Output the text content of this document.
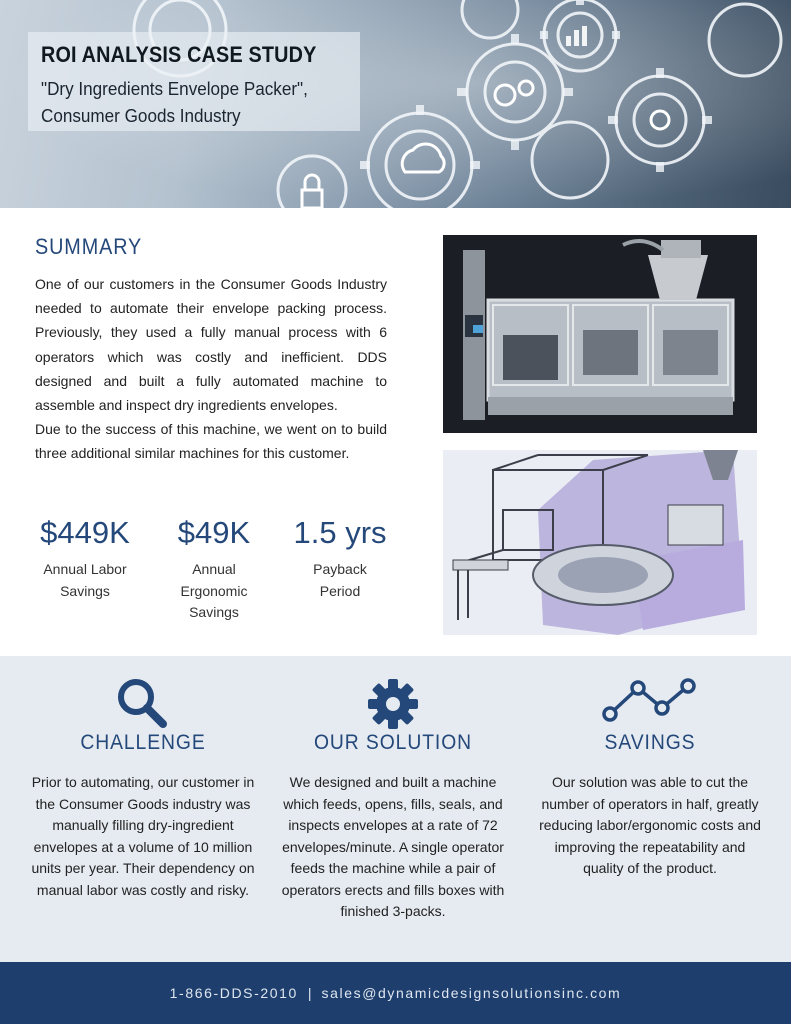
ROI ANALYSIS CASE STUDY
"Dry Ingredients Envelope Packer",
Consumer Goods Industry
SUMMARY

One of our customers in the Consumer Goods Industry needed to automate their envelope packing process. Previously, they used a fully manual process with 6 operators which was costly and inefficient. DDS designed and built a fully automated machine to assemble and inspect dry ingredients envelopes.

Due to the success of this machine, we went on to build three additional similar machines for this customer.

$449K
Annual Labor
Savings
$49K
Annual
Ergonomic
Savings
1.5 yrs
Payback
Period
CHALLENGE
Prior to automating, our customer in the Consumer Goods industry was manually filling dry-ingredient envelopes at a volume of 10 million units per year. Their dependency on manual labor was costly and risky.
OUR SOLUTION
We designed and built a machine which feeds, opens, fills, seals, and inspects envelopes at a rate of 72 envelopes/minute. A single operator feeds the machine while a pair of operators erects and fills boxes with finished 3-packs.
SAVINGS
Our solution was able to cut the number of operators in half, greatly reducing labor/ergonomic costs and improving the repeatability and quality of the product.
1-866-DDS-2010 | sales@dynamicdesignsolutionsinc.com
